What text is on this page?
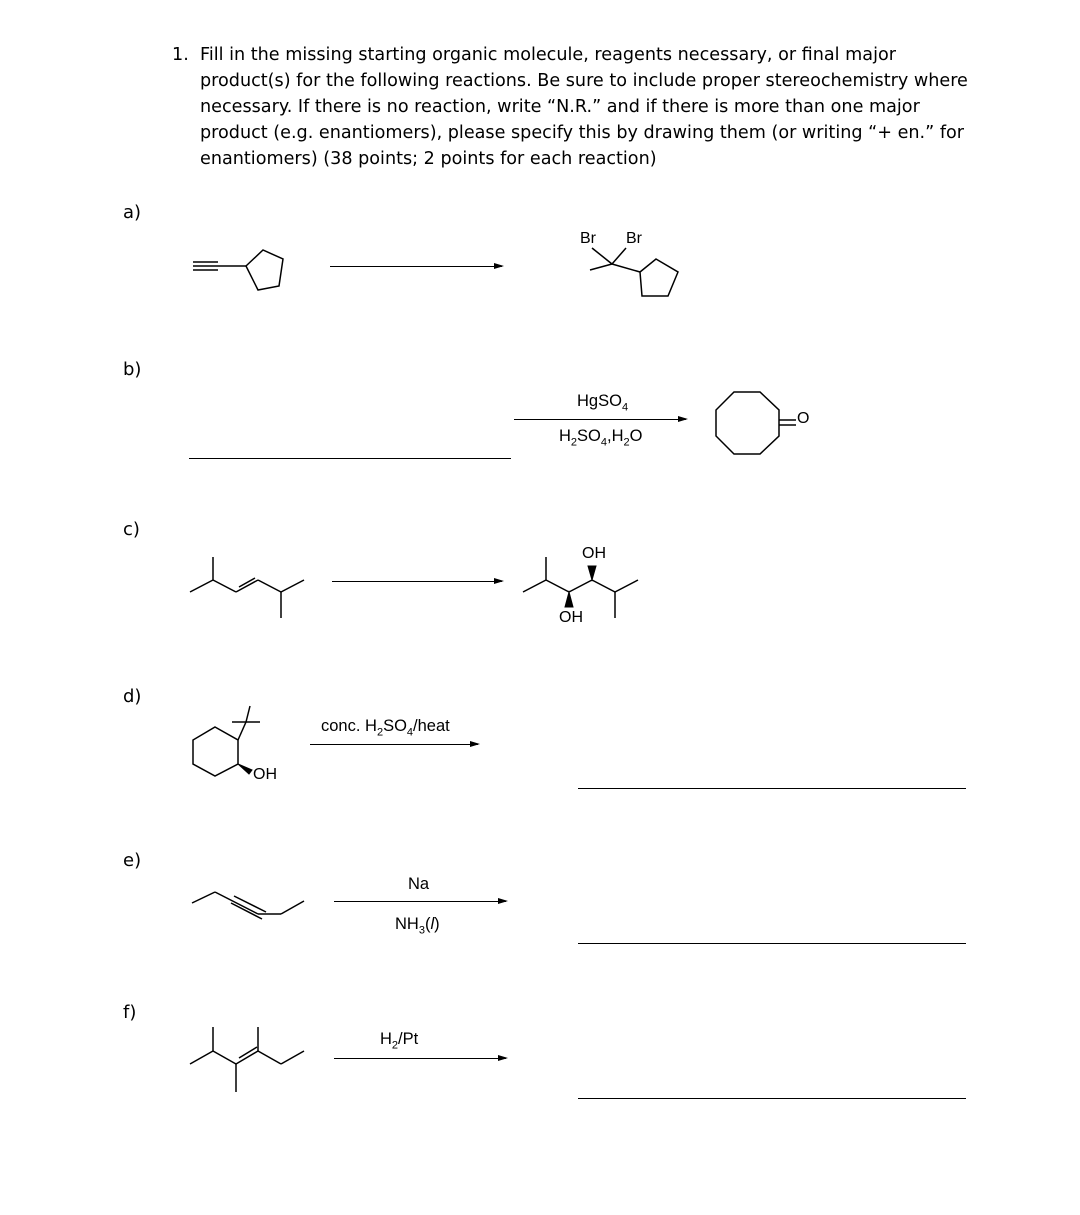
1. Fill in the missing starting organic molecule, reagents necessary, or final major product(s) for the following reactions. Be sure to include proper stereochemistry where necessary. If there is no reaction, write “N.R.” and if there is more than one major product (e.g. enantiomers), please specify this by drawing them (or writing “+ en.” for enantiomers) (38 points; 2 points for each reaction)
a)
Br Br
b)
HgSO$_4$
$H_2SO_4,H_2O$
O
c)
OH
OH
d)
OH
conc. $H_2SO_4$/heat
e)
Na
$NH_3(l)$
f)
$H_2/Pt$
